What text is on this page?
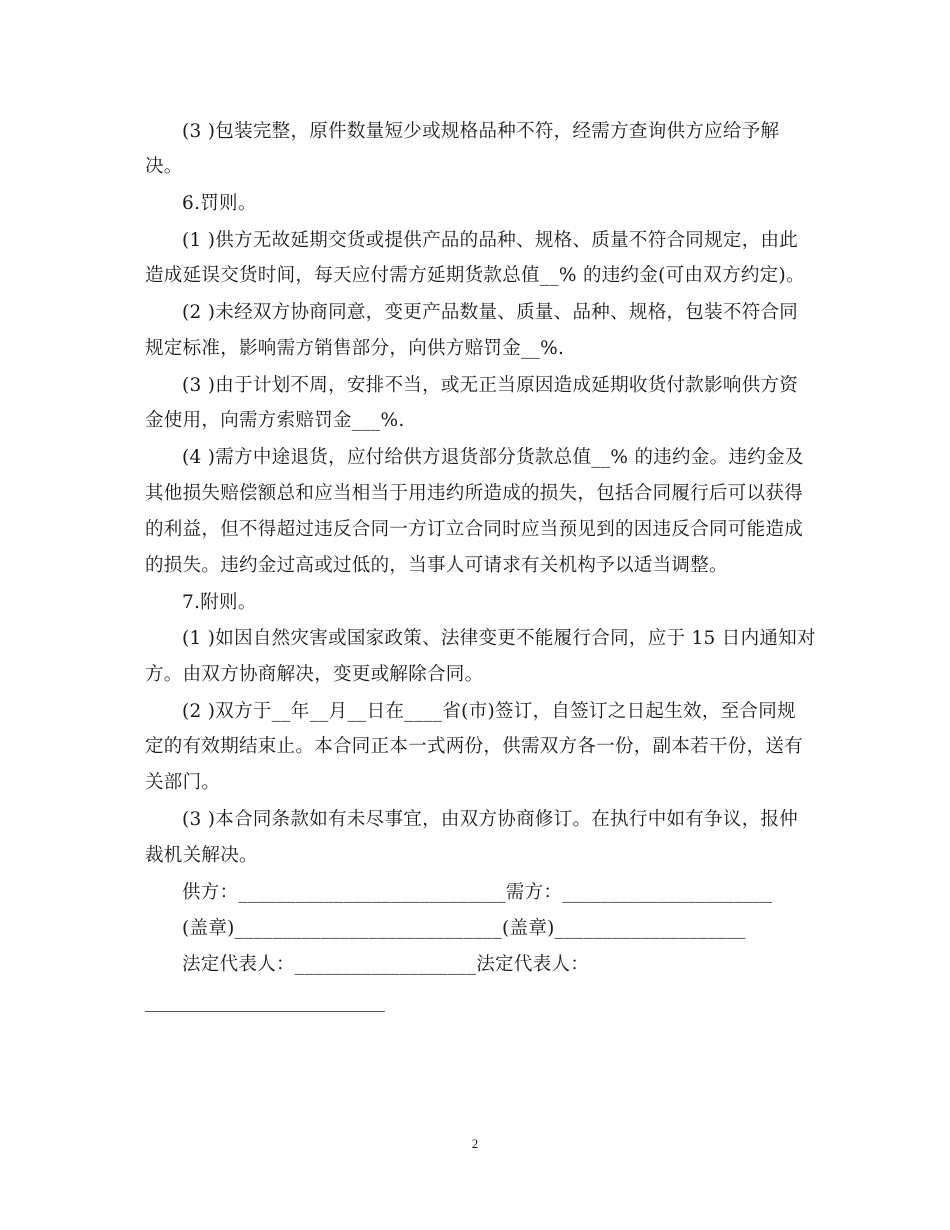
(3 )包装完整，原件数量短少或规格品种不符，经需方查询供方应给予解
决。
6.罚则。
(1 )供方无故延期交货或提供产品的品种、规格、质量不符合同规定，由此
造成延误交货时间，每天应付需方延期货款总值__% 的违约金(可由双方约定)。
(2 )未经双方协商同意，变更产品数量、质量、品种、规格，包装不符合同
规定标准，影响需方销售部分，向供方赔罚金__%.
(3 )由于计划不周，安排不当，或无正当原因造成延期收货付款影响供方资
金使用，向需方索赔罚金___%.
(4 )需方中途退货，应付给供方退货部分货款总值__% 的违约金。违约金及
其他损失赔偿额总和应当相当于用违约所造成的损失，包括合同履行后可以获得
的利益，但不得超过违反合同一方订立合同时应当预见到的因违反合同可能造成
的损失。违约金过高或过低的，当事人可请求有关机构予以适当调整。
7.附则。
(1 )如因自然灾害或国家政策、法律变更不能履行合同，应于 15 日内通知对
方。由双方协商解决，变更或解除合同。
(2 )双方于__年__月__日在____省(市)签订，自签订之日起生效，至合同规
定的有效期结束止。本合同正本一式两份，供需双方各一份，副本若干份，送有
关部门。
(3 )本合同条款如有未尽事宜，由双方协商修订。在执行中如有争议，报仲
裁机关解决。
供方：____________________________需方：______________________
(盖章)____________________________(盖章)____________________
法定代表人：___________________法定代表人：
2
